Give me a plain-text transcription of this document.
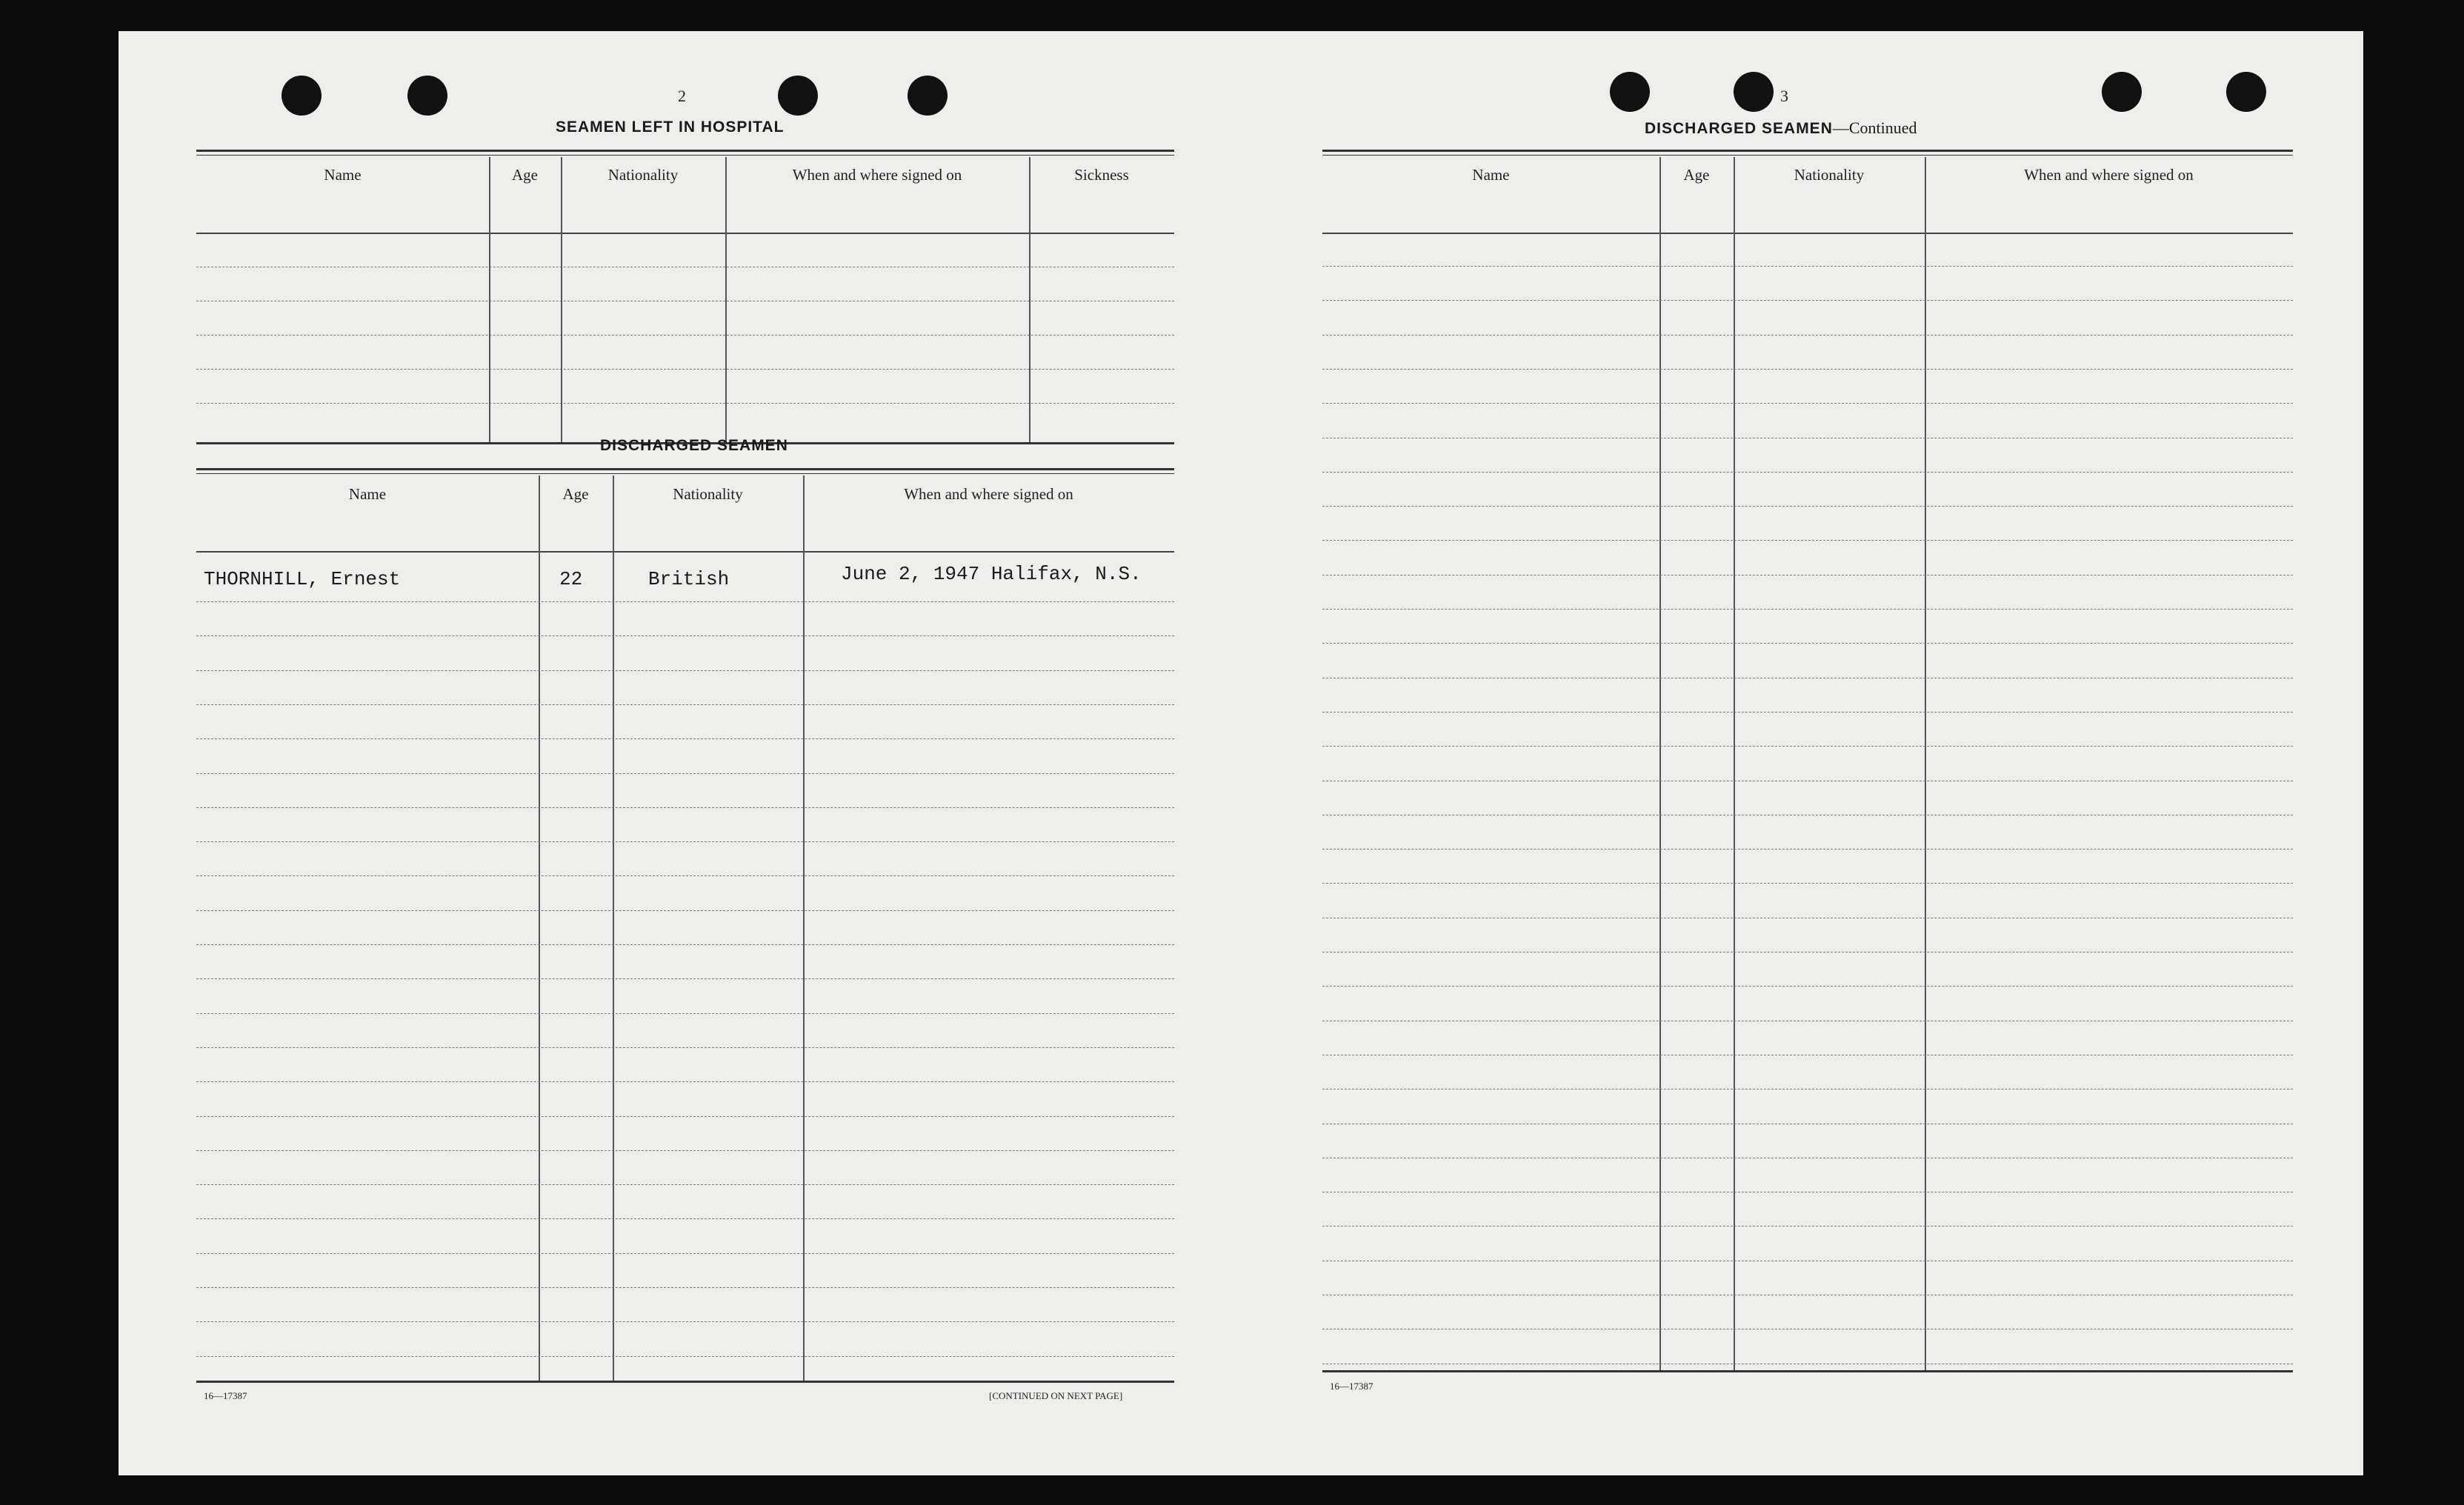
2
SEAMEN LEFT IN HOSPITAL
Name	Age	Nationality	When and where signed on	Sickness
DISCHARGED SEAMEN
Name	Age	Nationality	When and where signed on
THORNHILL, Ernest	22	British	June 2, 1947 Halifax, N.S.
16—17387	[CONTINUED ON NEXT PAGE]
3
DISCHARGED SEAMEN—Continued
Name	Age	Nationality	When and where signed on
16—17387
